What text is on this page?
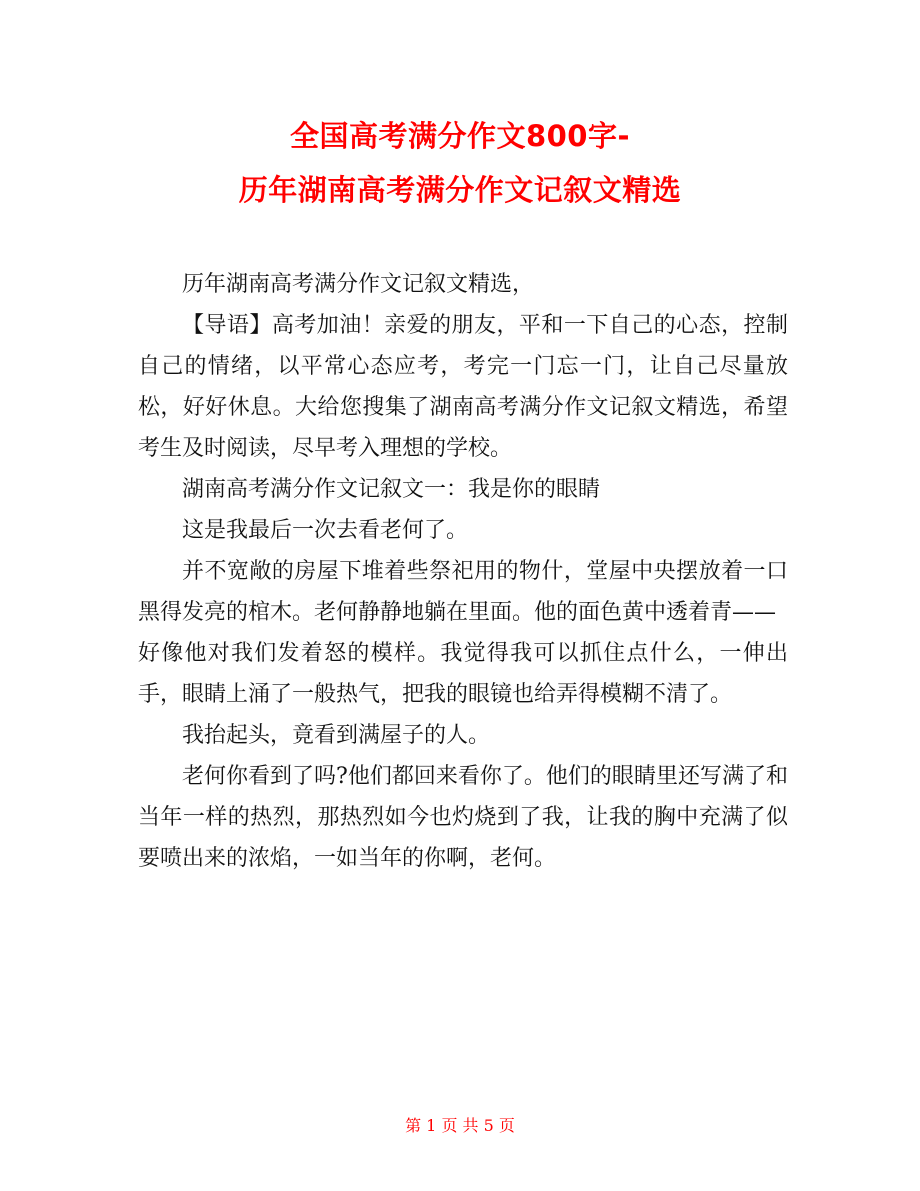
全国高考满分作文800字-
历年湖南高考满分作文记叙文精选

历年湖南高考满分作文记叙文精选，

【导语】高考加油！亲爱的朋友，平和一下自己的心态，控制自己的情绪，以平常心态应考，考完一门忘一门，让自己尽量放松，好好休息。大给您搜集了湖南高考满分作文记叙文精选，希望考生及时阅读，尽早考入理想的学校。

湖南高考满分作文记叙文一：我是你的眼睛

这是我最后一次去看老何了。

并不宽敞的房屋下堆着些祭祀用的物什，堂屋中央摆放着一口黑得发亮的棺木。老何静静地躺在里面。他的面色黄中透着青——

好像他对我们发着怒的模样。我觉得我可以抓住点什么，一伸出手，眼睛上涌了一般热气，把我的眼镜也给弄得模糊不清了。

我抬起头，竟看到满屋子的人。

老何你看到了吗?他们都回来看你了。他们的眼睛里还写满了和当年一样的热烈，那热烈如今也灼烧到了我，让我的胸中充满了似要喷出来的浓焰，一如当年的你啊，老何。

第 1 页 共 5 页
